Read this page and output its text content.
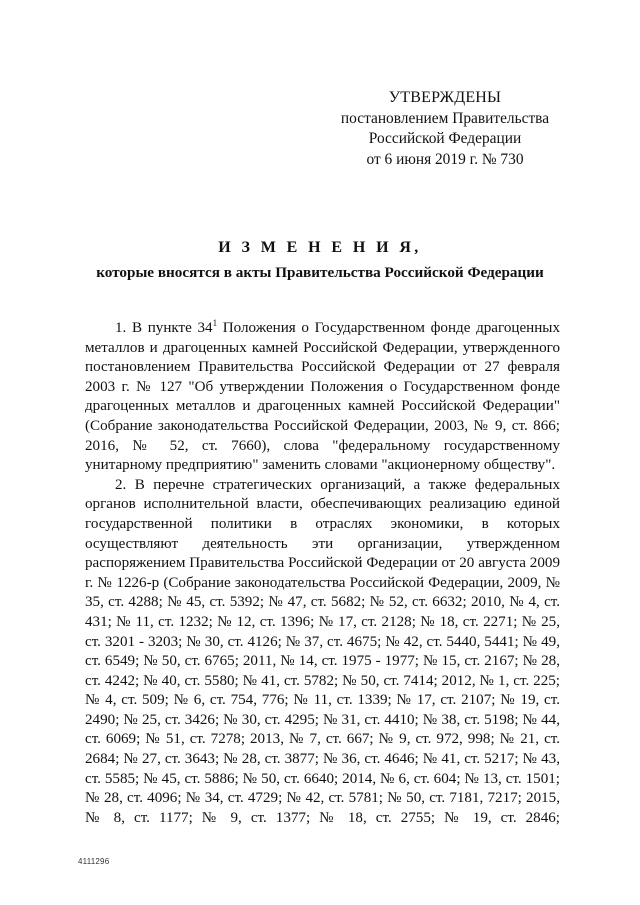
УТВЕРЖДЕНЫ
постановлением Правительства
Российской Федерации
от 6 июня 2019 г. № 730
И З М Е Н Е Н И Я,
которые вносятся в акты Правительства Российской Федерации

1. В пункте $34^1$ Положения о Государственном фонде драгоценных металлов и драгоценных камней Российской Федерации, утвержденного постановлением Правительства Российской Федерации от 27 февраля 2003 г. № 127 "Об утверждении Положения о Государственном фонде драгоценных металлов и драгоценных камней Российской Федерации" (Собрание законодательства Российской Федерации, 2003, № 9, ст. 866; 2016, № 52, ст. 7660), слова "федеральному государственному унитарному предприятию" заменить словами "акционерному обществу".

2. В перечне стратегических организаций, а также федеральных органов исполнительной власти, обеспечивающих реализацию единой государственной политики в отраслях экономики, в которых осуществляют деятельность эти организации, утвержденном распоряжением Правительства Российской Федерации от 20 августа 2009 г. № 1226-р (Собрание законодательства Российской Федерации, 2009, № 35, ст. 4288; № 45, ст. 5392; № 47, ст. 5682; № 52, ст. 6632; 2010, № 4, ст. 431; № 11, ст. 1232; № 12, ст. 1396; № 17, ст. 2128; № 18, ст. 2271; № 25, ст. 3201 - 3203; № 30, ст. 4126; № 37, ст. 4675; № 42, ст. 5440, 5441; № 49, ст. 6549; № 50, ст. 6765; 2011, № 14, ст. 1975 - 1977; № 15, ст. 2167; № 28, ст. 4242; № 40, ст. 5580; № 41, ст. 5782; № 50, ст. 7414; 2012, № 1, ст. 225; № 4, ст. 509; № 6, ст. 754, 776; № 11, ст. 1339; № 17, ст. 2107; № 19, ст. 2490; № 25, ст. 3426; № 30, ст. 4295; № 31, ст. 4410; № 38, ст. 5198; № 44, ст. 6069; № 51, ст. 7278; 2013, № 7, ст. 667; № 9, ст. 972, 998; № 21, ст. 2684; № 27, ст. 3643; № 28, ст. 3877; № 36, ст. 4646; № 41, ст. 5217; № 43, ст. 5585; № 45, ст. 5886; № 50, ст. 6640; 2014, № 6, ст. 604; № 13, ст. 1501; № 28, ст. 4096; № 34, ст. 4729; № 42, ст. 5781; № 50, ст. 7181, 7217; 2015, № 8, ст. 1177; № 9, ст. 1377; № 18, ст. 2755; № 19, ст. 2846;

4111296
